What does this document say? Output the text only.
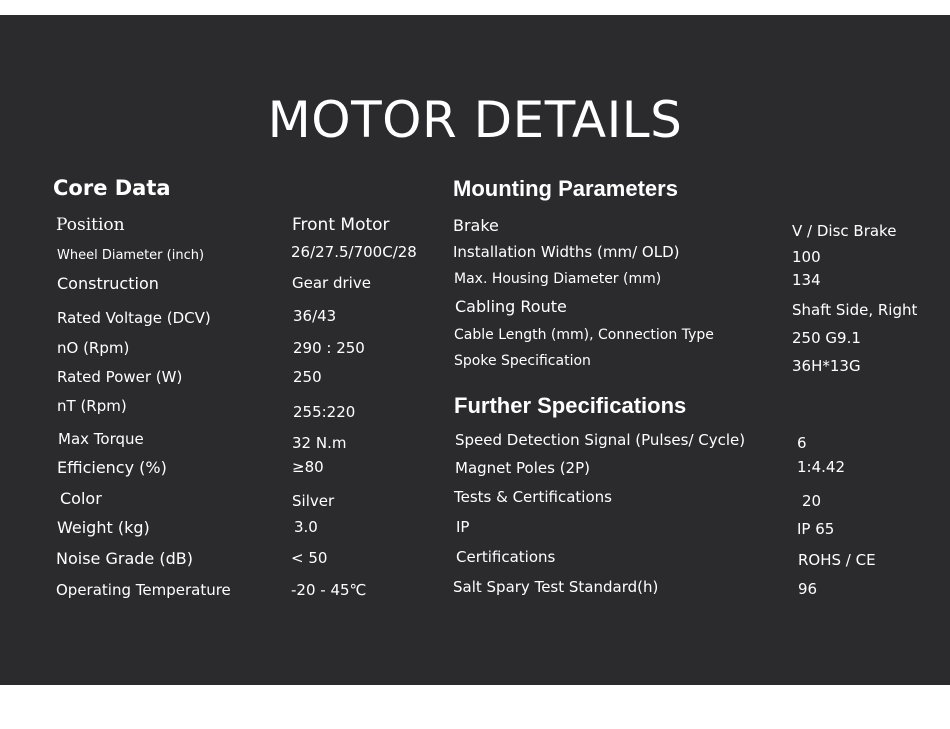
MOTOR DETAILS
Core Data
Position	Front Motor
Wheel Diameter (inch)	26/27.5/700C/28
Construction	Gear drive
Rated Voltage (DCV)	36/43
nO (Rpm)	290 : 250
Rated Power (W)	250
nT (Rpm)	255:220
Max Torque	32 N.m
Efficiency (%)	≥80
Color	Silver
Weight (kg)	3.0
Noise Grade (dB)	< 50
Operating Temperature	-20 - 45℃
Mounting Parameters
Brake	V / Disc Brake
Installation Widths (mm/ OLD)	100
Max. Housing Diameter (mm)	134
Cabling Route	Shaft Side, Right
Cable Length (mm), Connection Type	250 G9.1
Spoke Specification	36H*13G
Further Specifications
Speed Detection Signal (Pulses/ Cycle)	6
Magnet Poles (2P)	1:4.42
Tests & Certifications	20
IP	IP 65
Certifications	ROHS / CE
Salt Spary Test Standard(h)	96
